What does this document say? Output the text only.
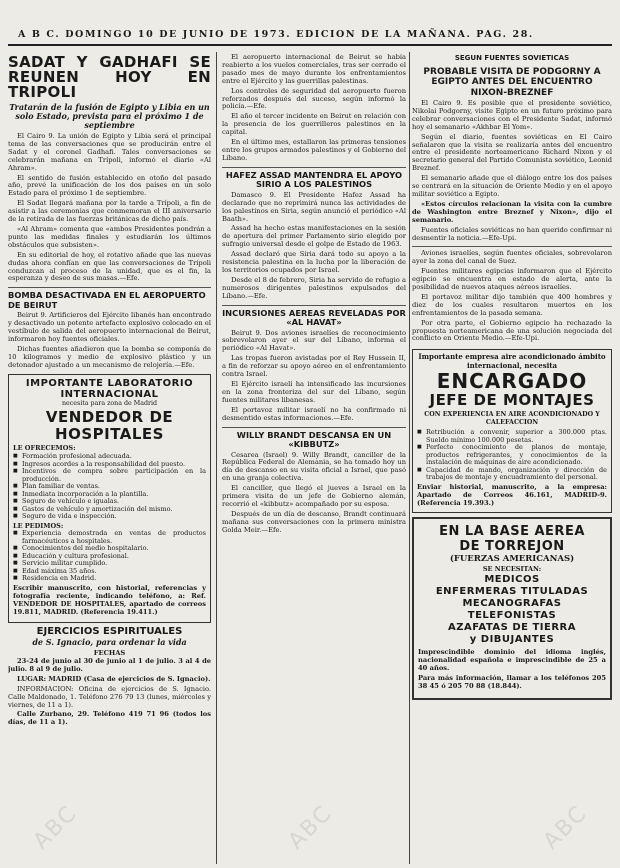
A B C. DOMINGO 10 DE JUNIO DE 1973. EDICION DE LA MAÑANA. PAG. 28.
SADAT Y GADHAFI SE REUNEN HOY EN TRIPOLI
Tratarán de la fusión de Egipto y Libia en un solo Estado, prevista para el próximo 1 de septiembre

El Cairo 9. La unión de Egipto y Libia será el principal tema de las conversaciones que se producirán entre el Sadat y el coronel Gadhafi. Tales conversaciones se celebrarán mañana en Trípoli, informó el diario «Al Ahram».

El sentido de fusión establecido en otoño del pasado año, prevé la unificación de los dos países en un solo Estado para el próximo 1 de septiembre.

El Sadat llegará mañana por la tarde a Trípoli, a fin de asistir a las ceremonias que conmemoran el III aniversario de la retirada de las fuerzas británicas de dicho país.

«Al Ahram» comenta que «ambos Presidentes pondrán a punto las medidas finales y estudiarán los últimos obstáculos que subsisten».

En su editorial de hoy, el rotativo añade que las nuevas dudas ahora confían en que las conversaciones de Trípoli conduzcan al proceso de la unidad, que es el fin, la esperanza y deseo de sus masas.—Efe.

BOMBA DESACTIVADA EN EL AEROPUERTO DE BEIRUT

Beirut 9. Artificieros del Ejército libanés han encontrado y desactivado un potente artefacto explosivo colocado en el vestíbulo de salida del aeropuerto internacional de Beirut, informaron hoy fuentes oficiales.

Dichas fuentes añadieron que la bomba se componía de 10 kilogramos y medio de explosivo plástico y un detonador ajustado a un mecanismo de relojería.—Efe.

IMPORTANTE LABORATORIO INTERNACIONAL
necesita para zona de Madrid
VENDEDOR DE HOSPITALES
LE OFRECEMOS:
■ Formación profesional adecuada.
■ Ingresos acordes a la responsabilidad del puesto.
■ Incentivos de compra sobre participación en la producción.
■ Plan familiar de ventas.
■ Inmediata incorporación a la plantilla.
■ Seguro de vehículo e igualas.
■ Gastos de vehículo y amortización del mismo.
■ Seguro de vida e inspección.
LE PEDIMOS:
■ Experiencia demostrada en ventas de productos farmacéuticos a hospitales.
■ Conocimientos del medio hospitalario.
■ Educación y cultura profesional.
■ Servicio militar cumplido.
■ Edad máxima 35 años.
■ Residencia en Madrid.

Escribir manuscrito, con historial, referencias y fotografía reciente, indicando teléfono, a: Ref. VENDEDOR DE HOSPITALES, apartado de correos 19.811, MADRID. (Referencia 19.411.)

EJERCICIOS ESPIRITUALES
de S. Ignacio, para ordenar la vida
FECHAS

23-24 de junio al 30 de junio al 1 de julio. 3 al 4 de julio. 8 al 9 de julio.

LUGAR: MADRID (Casa de ejercicios de S. Ignacio).

INFORMACION: Oficina de ejercicios de S. Ignacio. Calle Maldonado, 1. Teléfono 276 79 13 (lunes, miércoles y viernes, de 11 a 1).

Calle Zurbano, 29. Teléfono 419 71 96 (todos los días, de 11 a 1).

El aeropuerto internacional de Beirut se había reabierto a los vuelos comerciales, tras ser cerrado el pasado mes de mayo durante los enfrentamientos entre el Ejército y las guerrillas palestinas.

Los controles de seguridad del aeropuerto fueron reforzados después del suceso, según informó la policía.—Efe.

El año el tercer incidente en Beirut en relación con la presencia de los guerrilleros palestinos en la capital.

En el último mes, estallaron las primeras tensiones entre los grupos armados palestinos y el Gobierno del Líbano.

HAFEZ ASSAD MANTENDRA EL APOYO SIRIO A LOS PALESTINOS

Damasco 9. El Presidente Hafez Assad ha declarado que no reprimirá nunca las actividades de los palestinos en Siria, según anunció el periódico «Al Baath».

Assad ha hecho estas manifestaciones en la sesión de apertura del primer Parlamento sirio elegido por sufragio universal desde el golpe de Estado de 1963.

Assad declaró que Siria dará todo su apoyo a la resistencia palestina en la lucha por la liberación de los territorios ocupados por Israel.

Desde el 8 de febrero, Siria ha servido de refugio a numerosos dirigentes palestinos expulsados del Líbano.—Efe.

INCURSIONES AEREAS REVELADAS POR «AL HAVAT»

Beirut 9. Dos aviones israelíes de reconocimiento sobrevolaron ayer el sur del Líbano, informa el periódico «Al Havat».

Las tropas fueron avistadas por el Rey Hussein II, a fin de reforzar su apoyo aéreo en el enfrentamiento contra Israel.

El Ejército israelí ha intensificado las incursiones en la zona fronteriza del sur del Líbano, según fuentes militares libanesas.

El portavoz militar israelí no ha confirmado ni desmentido estas informaciones.—Efe.

WILLY BRANDT DESCANSA EN UN «KIBBUTZ»

Cesarea (Israel) 9. Willy Brandt, canciller de la República Federal de Alemania, se ha tomado hoy un día de descanso en su visita oficial a Israel, que pasó en una granja colectiva.

El canciller, que llegó el jueves a Israel en la primera visita de un jefe de Gobierno alemán, recorrió el «kibbutz» acompañado por su esposa.

Después de un día de descanso, Brandt continuará mañana sus conversaciones con la primera ministra Golda Meir.—Efe.

SEGUN FUENTES SOVIETICAS
PROBABLE VISITA DE PODGORNY A EGIPTO ANTES DEL ENCUENTRO NIXON-BREZNEF

El Cairo 9. Es posible que el presidente soviético, Nikolai Podgorny, visite Egipto en un futuro próximo para celebrar conversaciones con el Presidente Sadat, informó hoy el semanario «Akhbar El Yom».

Según el diario, fuentes soviéticas en El Cairo señalaron que la visita se realizaría antes del encuentro entre el presidente norteamericano Richard Nixon y el secretario general del Partido Comunista soviético, Leonid Breznef.

El semanario añade que el diálogo entre los dos países se centrará en la situación de Oriente Medio y en el apoyo militar soviético a Egipto.

«Estos círculos relacionan la visita con la cumbre de Washington entre Breznef y Nixon», dijo el semanario.

Fuentes oficiales soviéticas no han querido confirmar ni desmentir la noticia.—Efe-Upi.

Aviones israelíes, según fuentes oficiales, sobrevolaron ayer la zona del canal de Suez.

Fuentes militares egipcias informaron que el Ejército egipcio se encuentra en estado de alerta, ante la posibilidad de nuevos ataques aéreos israelíes.

El portavoz militar dijo también que 400 hombres y diez de los cuales resultaron muertos en los enfrentamientos de la pasada semana.

Por otra parte, el Gobierno egipcio ha rechazado la propuesta norteamericana de una solución negociada del conflicto en Oriente Medio.—Efe-Upi.

Importante empresa aire acondicionado ámbito internacional, necesita
ENCARGADO
JEFE DE MONTAJES
CON EXPERIENCIA EN AIRE ACONDICIONADO Y CALEFACCION
■ Retribución a convenir, superior a 300.000 ptas. Sueldo mínimo 100.000 pesetas.
■ Perfecto conocimiento de planos de montaje, productos refrigerantes, y conocimientos de la instalación de máquinas de aire acondicionado.
■ Capacidad de mando, organización y dirección de trabajos de montaje y encuadramiento del personal.

Enviar historial, manuscrito, a la empresa: Apartado de Correos 46.161, MADRID-9. (Referencia 19.393.)

EN LA BASE AEREA
DE TORREJON
(FUERZAS AMERICANAS)
SE NECESITAN:
MEDICOS
ENFERMERAS TITULADAS
MECANOGRAFAS
TELEFONISTAS
AZAFATAS DE TIERRA
y DIBUJANTES

Imprescindible dominio del idioma inglés, nacionalidad española e imprescindible de 25 a 40 años.

Para más información, llamar a los teléfonos 205 38 45 ó 205 70 88 (18.844).

ABC	ABC	ABC
